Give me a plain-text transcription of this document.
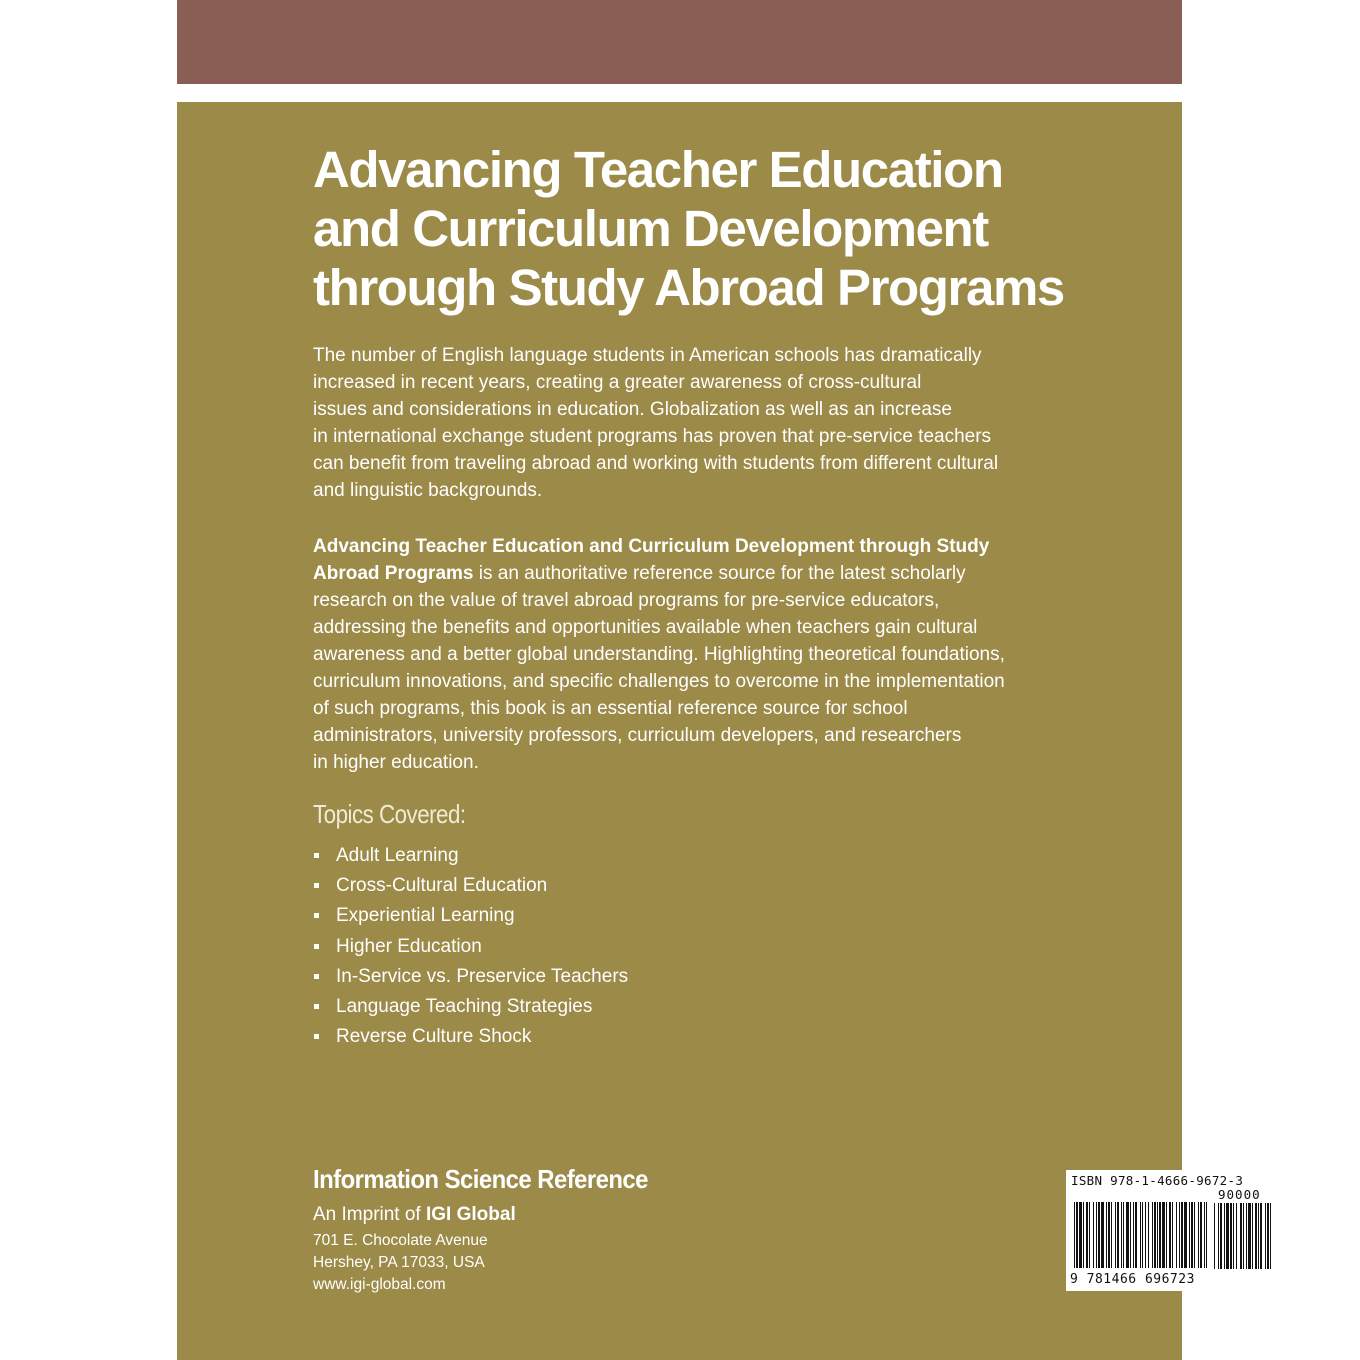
Advancing Teacher Education
and Curriculum Development
through Study Abroad Programs

The number of English language students in American schools has dramatically
increased in recent years, creating a greater awareness of cross-cultural
issues and considerations in education. Globalization as well as an increase
in international exchange student programs has proven that pre-service teachers
can benefit from traveling abroad and working with students from different cultural
and linguistic backgrounds.

Advancing Teacher Education and Curriculum Development through Study
Abroad Programs is an authoritative reference source for the latest scholarly
research on the value of travel abroad programs for pre-service educators,
addressing the benefits and opportunities available when teachers gain cultural
awareness and a better global understanding. Highlighting theoretical foundations,
curriculum innovations, and specific challenges to overcome in the implementation
of such programs, this book is an essential reference source for school
administrators, university professors, curriculum developers, and researchers
in higher education.

Topics Covered:
Adult Learning
Cross-Cultural Education
Experiential Learning
Higher Education
In-Service vs. Preservice Teachers
Language Teaching Strategies
Reverse Culture Shock
Information Science Reference
An Imprint of IGI Global
701 E. Chocolate Avenue
Hershey, PA 17033, USA
www.igi-global.com
ISBN 978-1-4666-9672-3
90000
9 781466 696723
